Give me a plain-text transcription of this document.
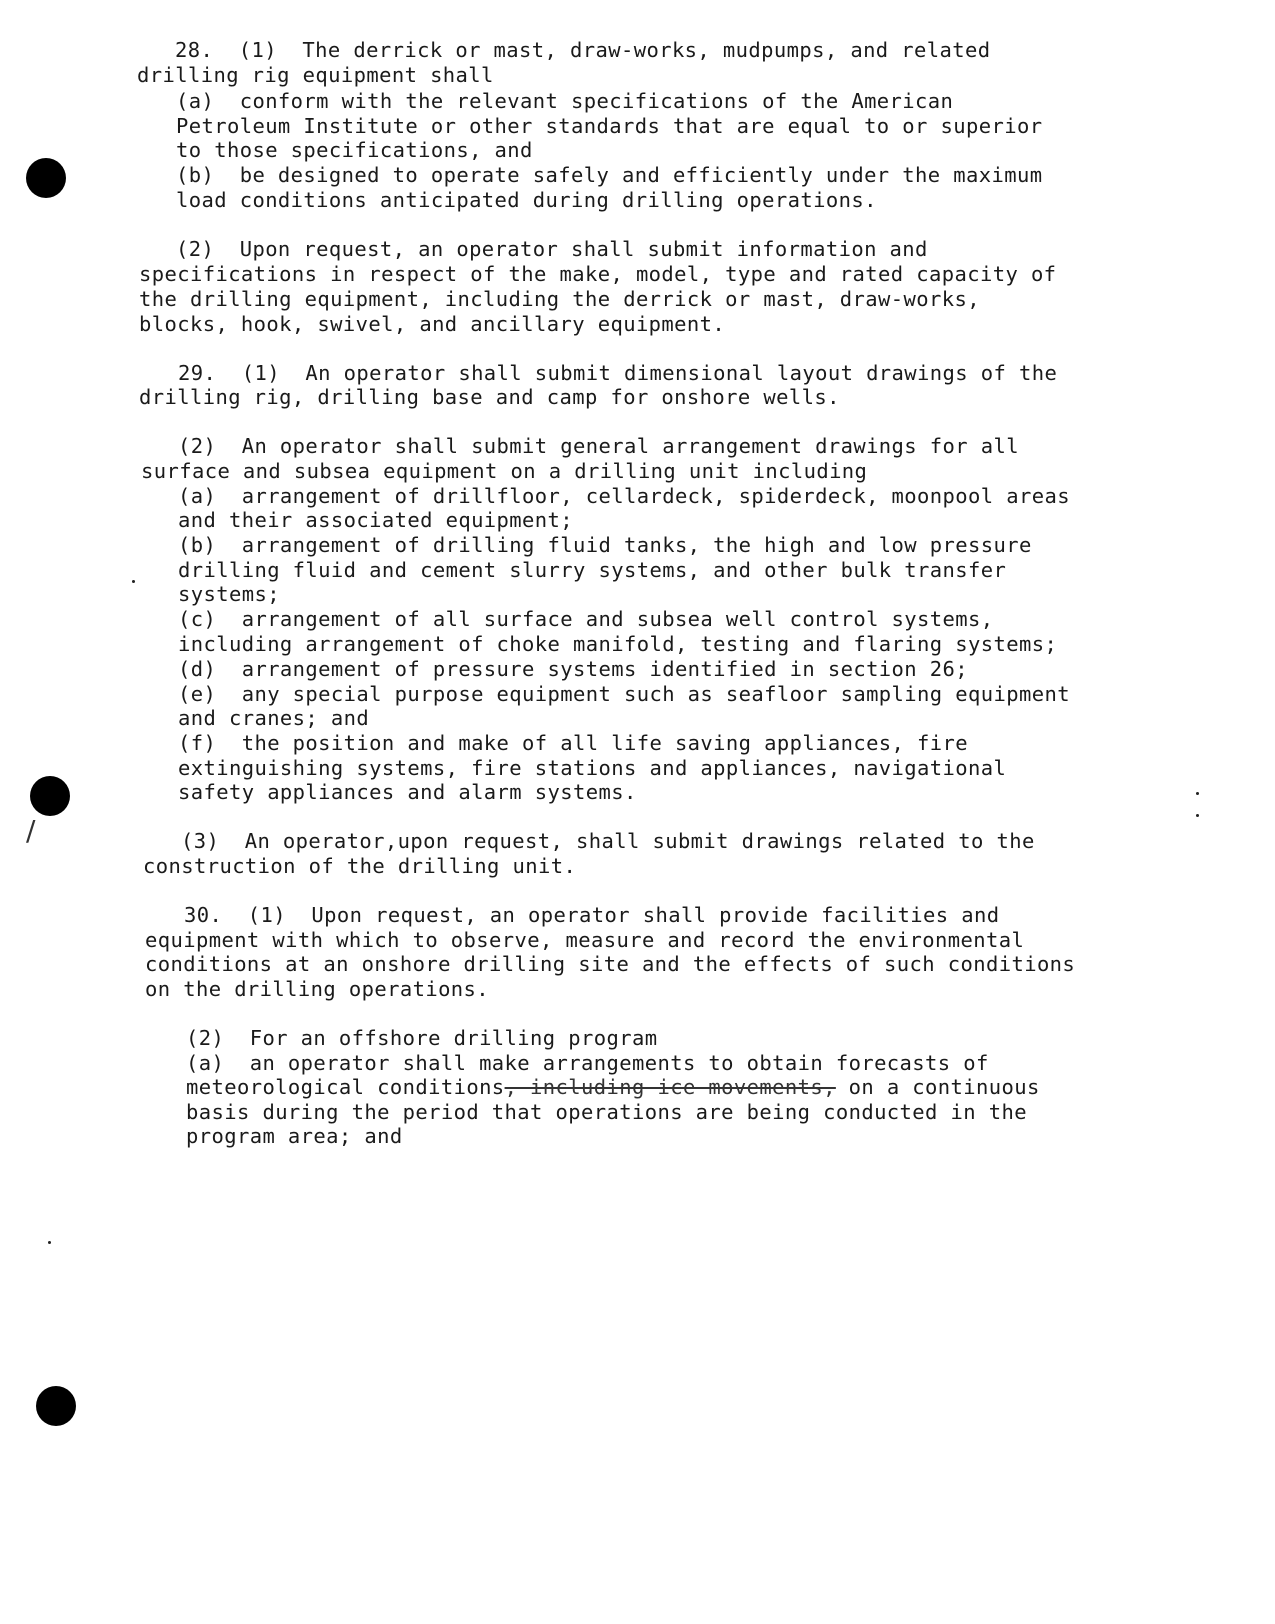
/
28.  (1)  The derrick or mast, draw-works, mudpumps, and related
drilling rig equipment shall
(a)  conform with the relevant specifications of the American
Petroleum Institute or other standards that are equal to or superior
to those specifications, and
(b)  be designed to operate safely and efficiently under the maximum
load conditions anticipated during drilling operations.
(2)  Upon request, an operator shall submit information and
specifications in respect of the make, model, type and rated capacity of
the drilling equipment, including the derrick or mast, draw-works,
blocks, hook, swivel, and ancillary equipment.
29.  (1)  An operator shall submit dimensional layout drawings of the
drilling rig, drilling base and camp for onshore wells.
(2)  An operator shall submit general arrangement drawings for all
surface and subsea equipment on a drilling unit including
(a)  arrangement of drillfloor, cellardeck, spiderdeck, moonpool areas
and their associated equipment;
(b)  arrangement of drilling fluid tanks, the high and low pressure
drilling fluid and cement slurry systems, and other bulk transfer
systems;
(c)  arrangement of all surface and subsea well control systems,
including arrangement of choke manifold, testing and flaring systems;
(d)  arrangement of pressure systems identified in section 26;
(e)  any special purpose equipment such as seafloor sampling equipment
and cranes; and
(f)  the position and make of all life saving appliances, fire
extinguishing systems, fire stations and appliances, navigational
safety appliances and alarm systems.
(3)  An operator,upon request, shall submit drawings related to the
construction of the drilling unit.
30.  (1)  Upon request, an operator shall provide facilities and
equipment with which to observe, measure and record the environmental
conditions at an onshore drilling site and the effects of such conditions
on the drilling operations.
(2)  For an offshore drilling program
(a)  an operator shall make arrangements to obtain forecasts of
meteorological conditions, including ice movements, on a continuous
basis during the period that operations are being conducted in the
program area; and
